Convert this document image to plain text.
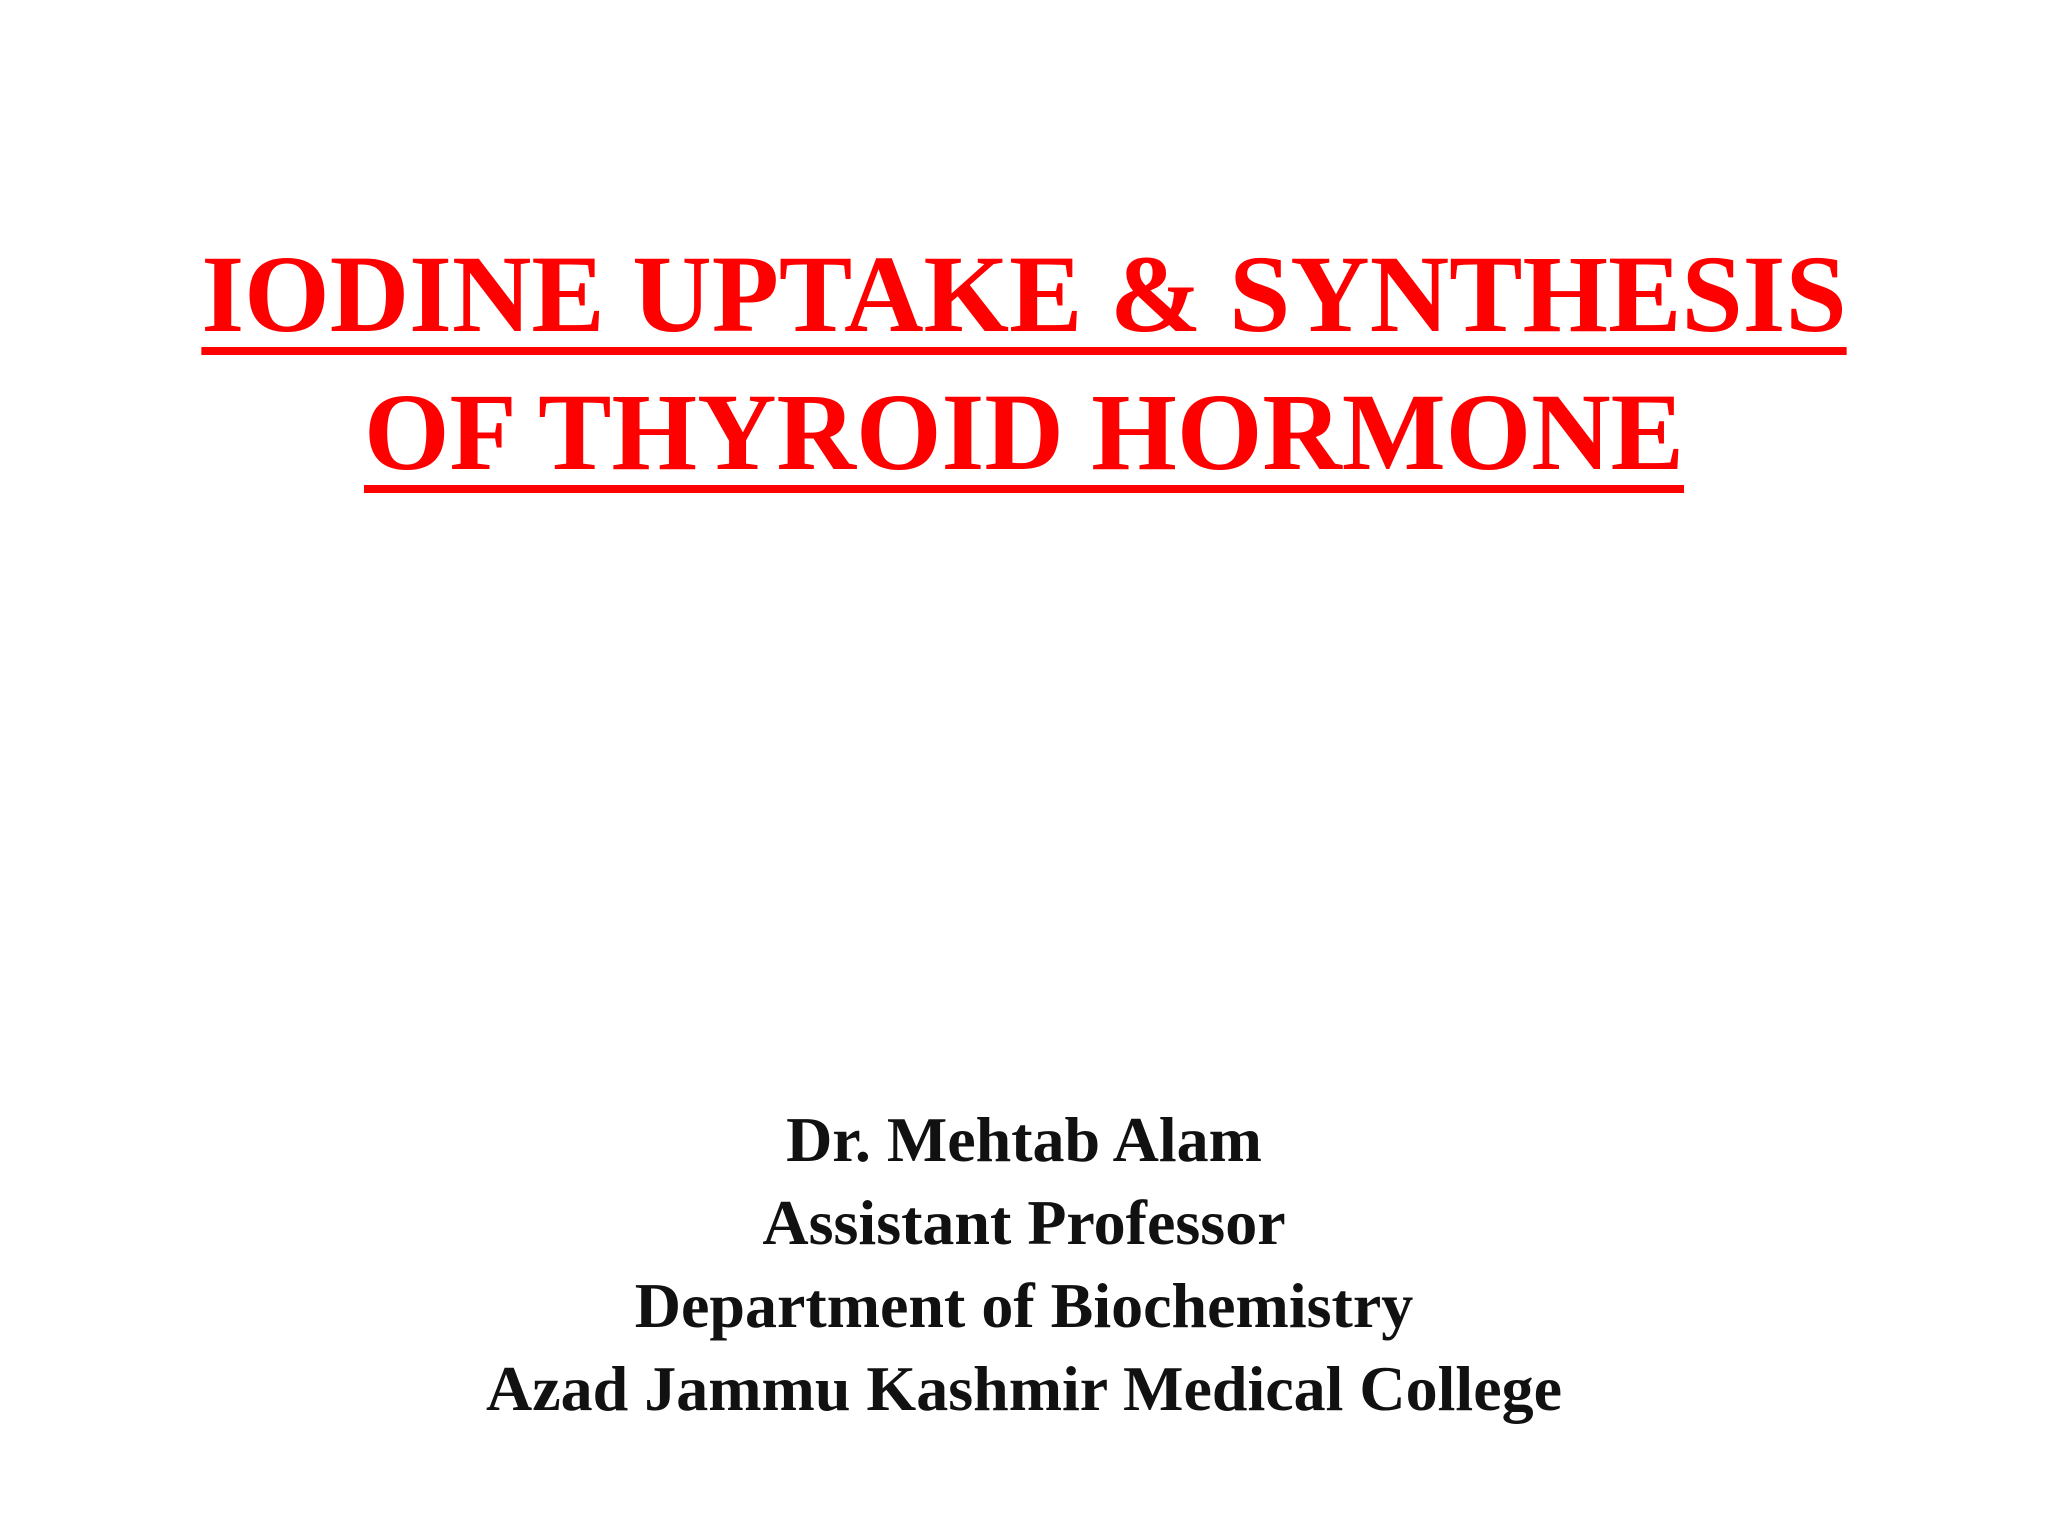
IODINE UPTAKE & SYNTHESIS
OF THYROID HORMONE
Dr. Mehtab Alam
Assistant Professor
Department of Biochemistry
Azad Jammu Kashmir Medical College
